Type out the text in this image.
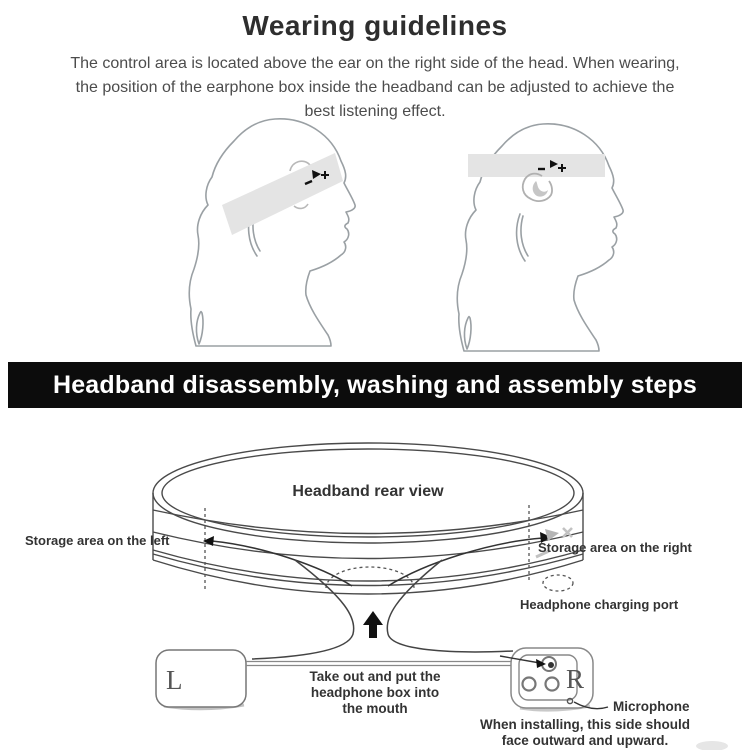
Wearing guidelines
The control area is located above the ear on the right side of the head. When wearing,
the position of the earphone box inside the headband can be adjusted to achieve the
best listening effect.
Headband disassembly, washing and assembly steps
Headband rear view
Storage area on the left	Storage area on the right
Headphone charging port
L	Take out and put the
headphone box into
the mouth
R
Microphone
When installing, this side should
face outward and upward.
